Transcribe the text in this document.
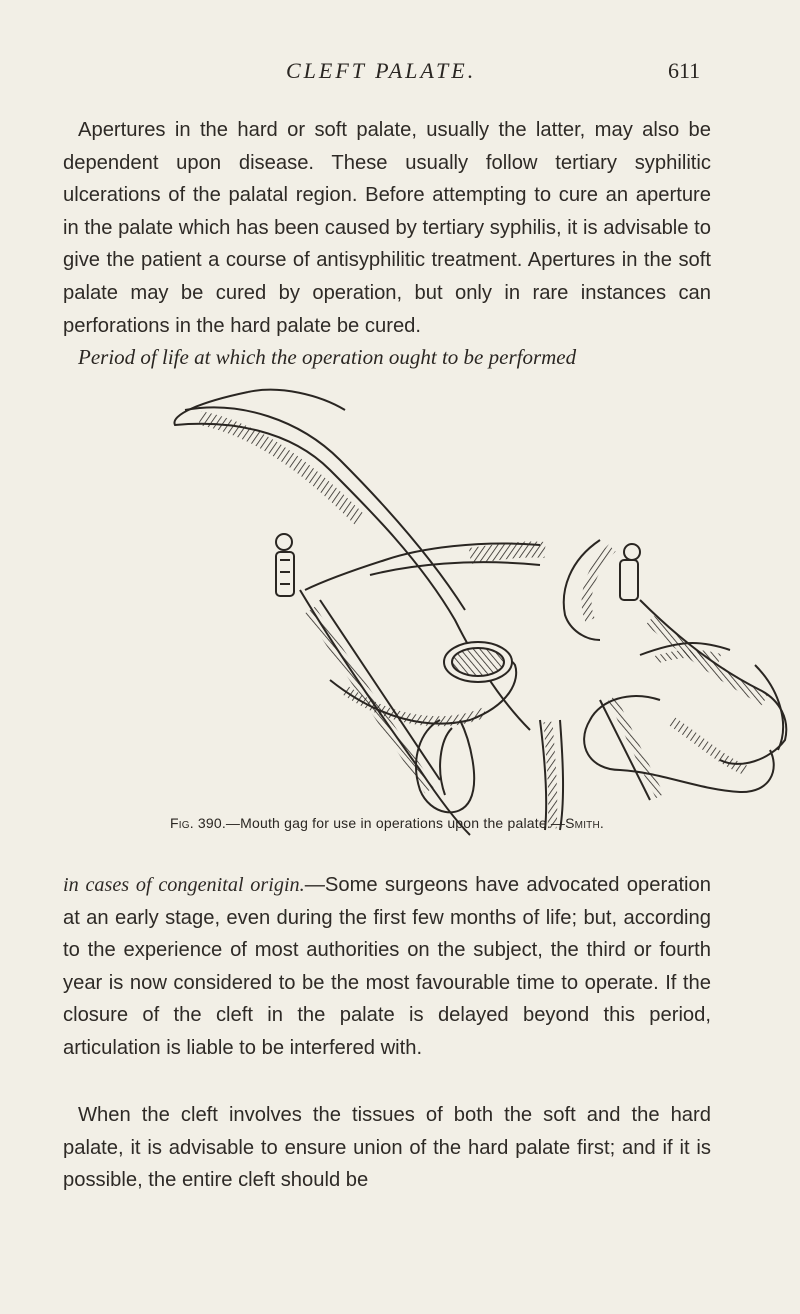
CLEFT PALATE.	611

Apertures in the hard or soft palate, usually the latter, may also be dependent upon disease. These usually follow tertiary syphilitic ulcerations of the palatal region. Before attempting to cure an aperture in the palate which has been caused by tertiary syphilis, it is advisable to give the patient a course of antisyphilitic treatment. Apertures in the soft palate may be cured by operation, but only in rare instances can perforations in the hard palate be cured.

Period of life at which the operation ought to be performed
Fig. 390.—Mouth gag for use in operations upon the palate.—Smith.

in cases of congenital origin.—Some surgeons have advocated operation at an early stage, even during the first few months of life; but, according to the experience of most authorities on the subject, the third or fourth year is now considered to be the most favourable time to operate. If the closure of the cleft in the palate is delayed beyond this period, articulation is liable to be interfered with.

When the cleft involves the tissues of both the soft and the hard palate, it is advisable to ensure union of the hard palate first; and if it is possible, the entire cleft should be
